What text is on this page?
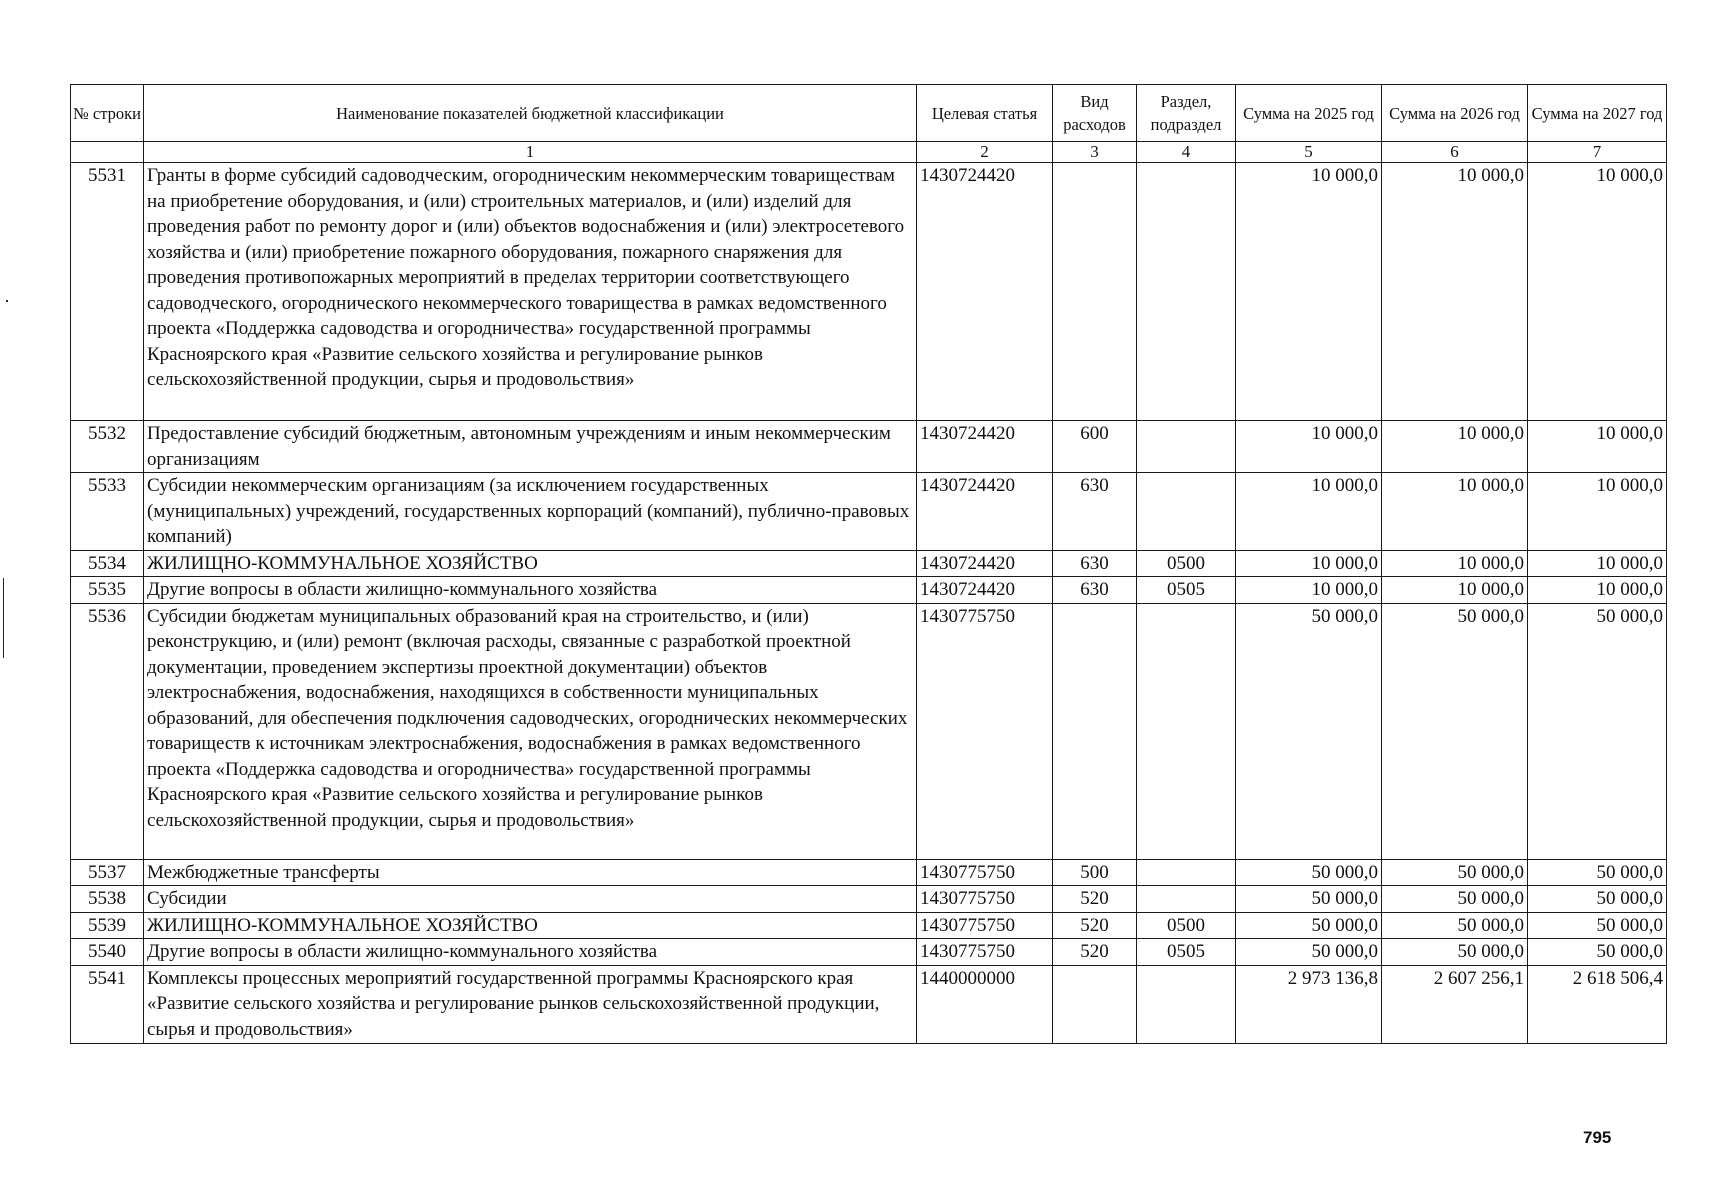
№ строки	Наименование показателей бюджетной классификации	Целевая статья	Вид расходов	Раздел, подраздел	Сумма на 2025 год	Сумма на 2026 год	Сумма на 2027 год
	1	2	3	4	5	6	7
5531	Гранты в форме субсидий садоводческим, огородническим некоммерческим товариществам на приобретение оборудования, и (или) строительных материалов, и (или) изделий для проведения работ по ремонту дорог и (или) объектов водоснабжения и (или) электросетевого хозяйства и (или) приобретение пожарного оборудования, пожарного снаряжения для проведения противопожарных мероприятий в пределах территории соответствующего садоводческого, огороднического некоммерческого товарищества в рамках ведомственного проекта «Поддержка садоводства и огородничества» государственной программы Красноярского края «Развитие сельского хозяйства и регулирование рынков сельскохозяйственной продукции, сырья и продовольствия»	1430724420			10 000,0	10 000,0	10 000,0
5532	Предоставление субсидий бюджетным, автономным учреждениям и иным некоммерческим организациям	1430724420	600		10 000,0	10 000,0	10 000,0
5533	Субсидии некоммерческим организациям (за исключением государственных (муниципальных) учреждений, государственных корпораций (компаний), публично-правовых компаний)	1430724420	630		10 000,0	10 000,0	10 000,0
5534	ЖИЛИЩНО-КОММУНАЛЬНОЕ ХОЗЯЙСТВО	1430724420	630	0500	10 000,0	10 000,0	10 000,0
5535	Другие вопросы в области жилищно-коммунального хозяйства	1430724420	630	0505	10 000,0	10 000,0	10 000,0
5536	Субсидии бюджетам муниципальных образований края на строительство, и (или) реконструкцию, и (или) ремонт (включая расходы, связанные с разработкой проектной документации, проведением экспертизы проектной документации) объектов электроснабжения, водоснабжения, находящихся в собственности муниципальных образований, для обеспечения подключения садоводческих, огороднических некоммерческих товариществ к источникам электроснабжения, водоснабжения в рамках ведомственного проекта «Поддержка садоводства и огородничества» государственной программы Красноярского края «Развитие сельского хозяйства и регулирование рынков сельскохозяйственной продукции, сырья и продовольствия»	1430775750			50 000,0	50 000,0	50 000,0
5537	Межбюджетные трансферты	1430775750	500		50 000,0	50 000,0	50 000,0
5538	Субсидии	1430775750	520		50 000,0	50 000,0	50 000,0
5539	ЖИЛИЩНО-КОММУНАЛЬНОЕ ХОЗЯЙСТВО	1430775750	520	0500	50 000,0	50 000,0	50 000,0
5540	Другие вопросы в области жилищно-коммунального хозяйства	1430775750	520	0505	50 000,0	50 000,0	50 000,0
5541	Комплексы процессных мероприятий государственной программы Красноярского края «Развитие сельского хозяйства и регулирование рынков сельскохозяйственной продукции, сырья и продовольствия»	1440000000			2 973 136,8	2 607 256,1	2 618 506,4
795
